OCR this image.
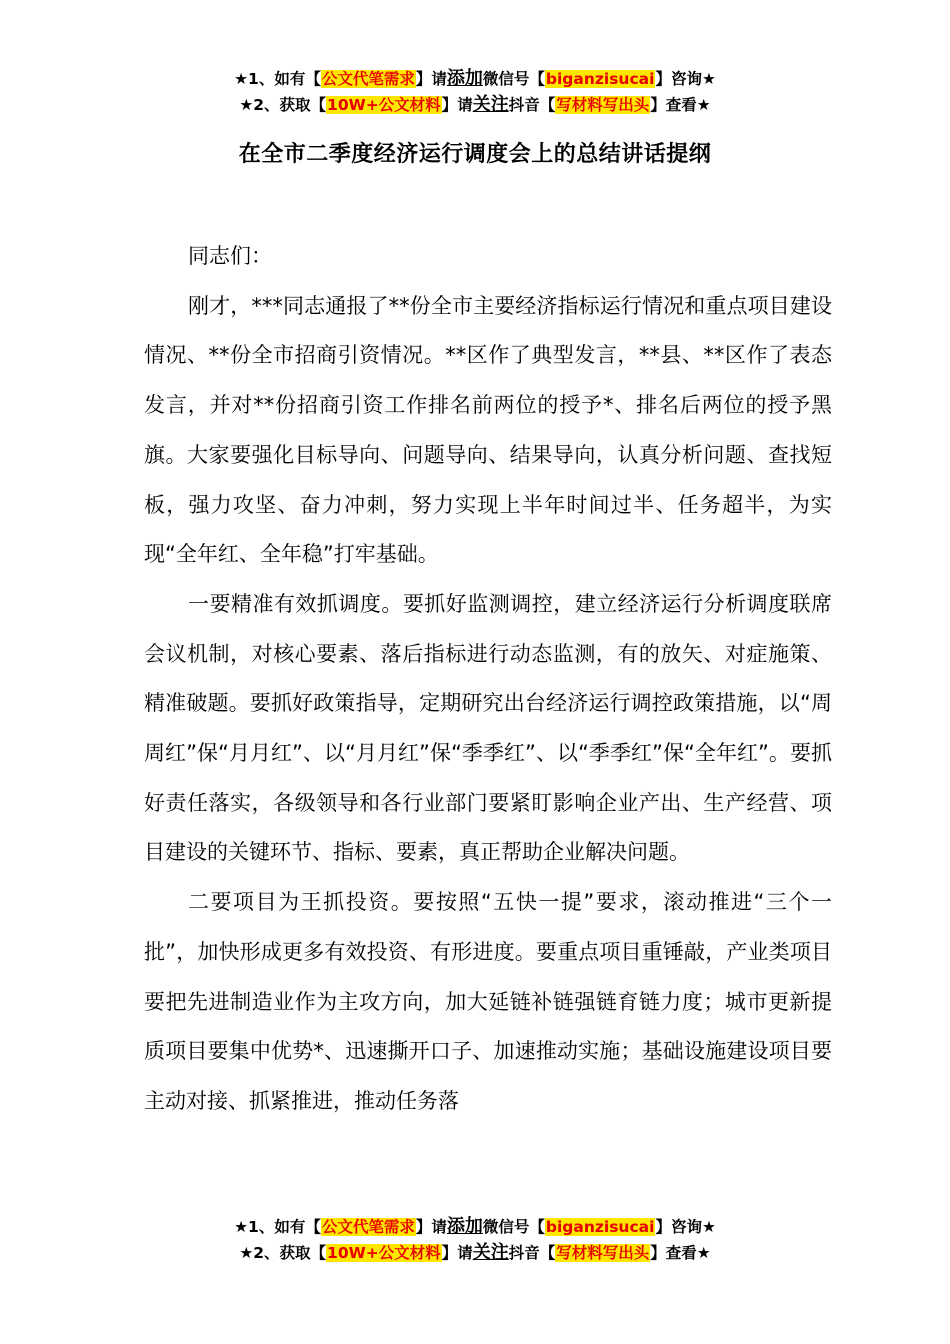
★1、如有【公文代笔需求】请添加微信号【biganzisucai】咨询★
★2、获取【10W+公文材料】请关注抖音【写材料写出头】查看★
在全市二季度经济运行调度会上的总结讲话提纲

同志们：

刚才，***同志通报了**份全市主要经济指标运行情况和重点项目建设情况、**份全市招商引资情况。**区作了典型发言，**县、**区作了表态发言，并对**份招商引资工作排名前两位的授予*、排名后两位的授予黑旗。大家要强化目标导向、问题导向、结果导向，认真分析问题、查找短板，强力攻坚、奋力冲刺，努力实现上半年时间过半、任务超半，为实现“全年红、全年稳”打牢基础。

一要精准有效抓调度。要抓好监测调控，建立经济运行分析调度联席会议机制，对核心要素、落后指标进行动态监测，有的放矢、对症施策、精准破题。要抓好政策指导，定期研究出台经济运行调控政策措施，以“周周红”保“月月红”、以“月月红”保“季季红”、以“季季红”保“全年红”。要抓好责任落实，各级领导和各行业部门要紧盯影响企业产出、生产经营、项目建设的关键环节、指标、要素，真正帮助企业解决问题。

二要项目为王抓投资。要按照“五快一提”要求，滚动推进“三个一批”，加快形成更多有效投资、有形进度。要重点项目重锤敲，产业类项目要把先进制造业作为主攻方向，加大延链补链强链育链力度；城市更新提质项目要集中优势*、迅速撕开口子、加速推动实施；基础设施建设项目要主动对接、抓紧推进，推动任务落

★1、如有【公文代笔需求】请添加微信号【biganzisucai】咨询★
★2、获取【10W+公文材料】请关注抖音【写材料写出头】查看★
